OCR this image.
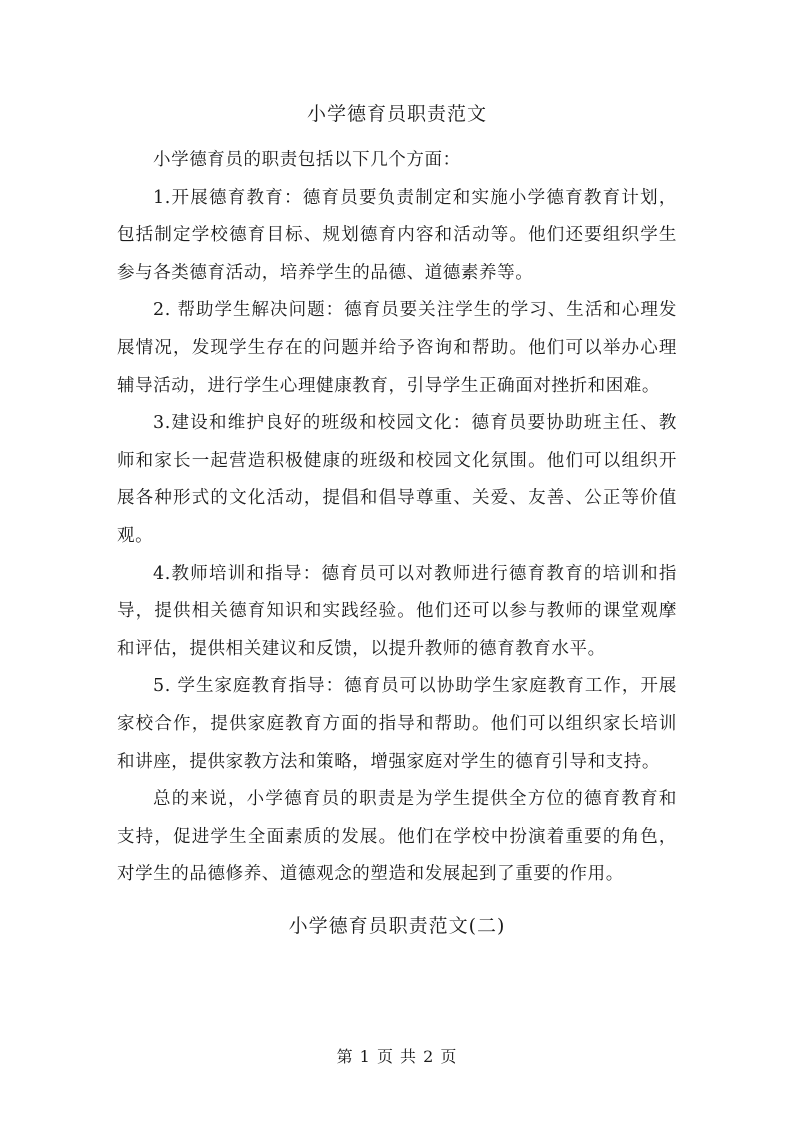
小学德育员职责范文

小学德育员的职责包括以下几个方面：

1.开展德育教育：德育员要负责制定和实施小学德育教育计划，包括制定学校德育目标、规划德育内容和活动等。他们还要组织学生参与各类德育活动，培养学生的品德、道德素养等。

2. 帮助学生解决问题：德育员要关注学生的学习、生活和心理发展情况，发现学生存在的问题并给予咨询和帮助。他们可以举办心理辅导活动，进行学生心理健康教育，引导学生正确面对挫折和困难。

3.建设和维护良好的班级和校园文化：德育员要协助班主任、教师和家长一起营造积极健康的班级和校园文化氛围。他们可以组织开展各种形式的文化活动，提倡和倡导尊重、关爱、友善、公正等价值观。

4.教师培训和指导：德育员可以对教师进行德育教育的培训和指导，提供相关德育知识和实践经验。他们还可以参与教师的课堂观摩和评估，提供相关建议和反馈，以提升教师的德育教育水平。

5. 学生家庭教育指导：德育员可以协助学生家庭教育工作，开展家校合作，提供家庭教育方面的指导和帮助。他们可以组织家长培训和讲座，提供家教方法和策略，增强家庭对学生的德育引导和支持。

总的来说，小学德育员的职责是为学生提供全方位的德育教育和支持，促进学生全面素质的发展。他们在学校中扮演着重要的角色，对学生的品德修养、道德观念的塑造和发展起到了重要的作用。

小学德育员职责范文(二)
第 1 页 共 2 页
